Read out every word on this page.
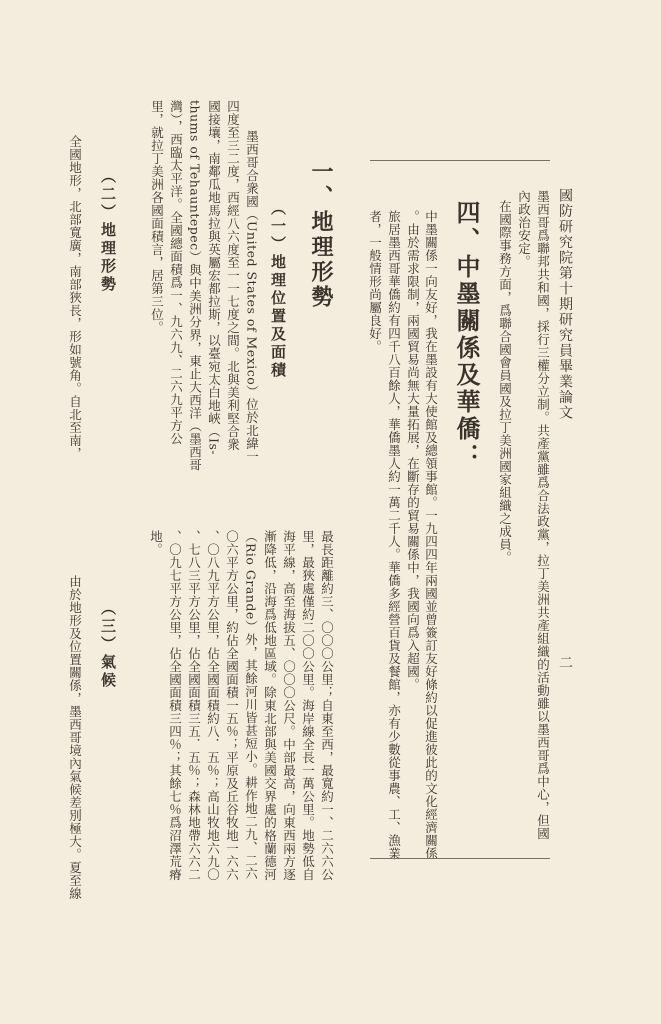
國防研究院第十期研究員畢業論文
墨西哥爲聯邦共和國，採行三權分立制。共產黨雖爲合法政黨，拉丁美洲共產組織的活動雖以墨西哥爲中心，但國
內政治安定。
在國際事務方面，爲聯合國會員國及拉丁美洲國家組織之成員。
四、中墨關係及華僑：
中墨關係一向友好，我在墨設有大使館及總領事館。一九四四年兩國並曾簽訂友好條約以促進彼此的文化經濟關係
。由於需求限制，兩國貿易尚無大量拓展，在斷存的貿易關係中，我國向爲入超國。
旅居墨西哥華僑約有四千八百餘人，華僑墨人約一萬二千人。華僑多經營百貨及餐館，亦有少數從事農、工、漁業
者，一般情形尚屬良好。
二
一、地理形勢
（一）地理位置及面積
墨西哥合衆國（United States of Mexico）位於北緯一
四度至三二度，西經八六度至一一七度之間。北與美利堅合衆
國接壤，南鄰瓜地馬拉與英屬宏都拉斯，以臺宛太白地峽（Is-
thums of Tehauntepec）與中美洲分界，東止大西洋（墨西哥
灣），西臨太平洋。全國總面積爲一、九六九、二六九平方公
里，就拉丁美洲各國面積言，居第三位。
（二）地理形勢
全國地形，北部寬廣，南部狹長，形如號角。自北至南，
最長距離約三、〇〇〇公里；自東至西，最寬約一、二六六公
里，最狹處僅約二〇〇公里。海岸線全長一萬公里。地勢低自
海平線，高至海拔五、〇〇〇公尺。中部最高，向東西兩方逐
漸降低，沿海爲低地區域。除東北部與美國交界處的格蘭德河
（Rio Grande）外，其餘河川皆甚短小。耕作地二九、二六
〇六平方公里，約佔全國面積一五％；平原及丘谷牧地一六六
、〇八九平方公里，佔全國面積約八．五％；高山牧地六九〇
、七八三平方公里，佔全國面積三五．五％；森林地帶六六二
、〇九七平方公里，佔全國面積三四％；其餘七％爲沼澤荒瘠
地。
（三）氣候
由於地形及位置關係，墨西哥境內氣候差別極大。夏至線
